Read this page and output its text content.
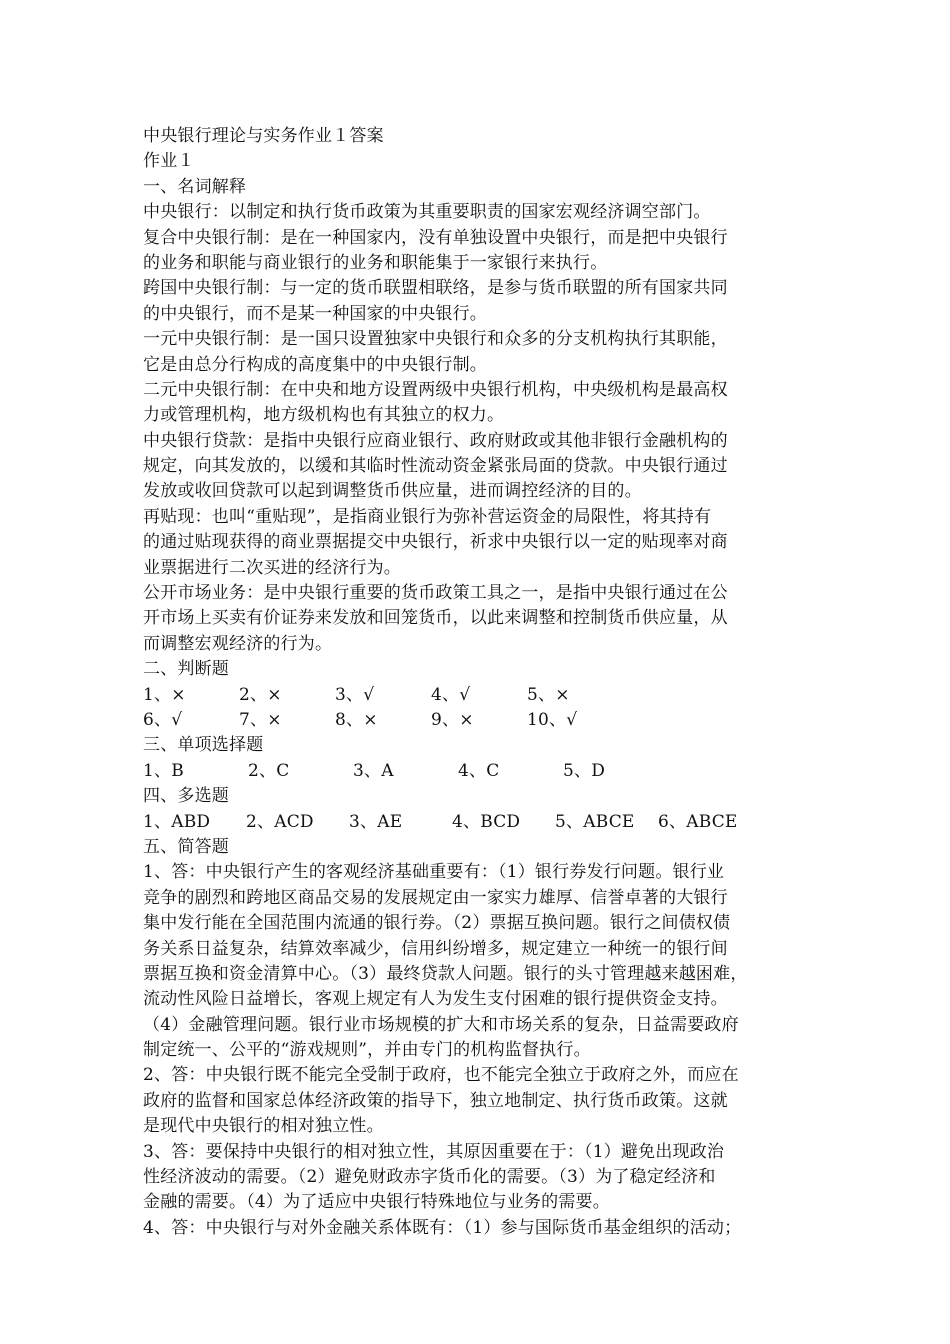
中央银行理论与实务作业１答案
作业１
一、名词解释
中央银行：以制定和执行货币政策为其重要职责的国家宏观经济调空部门。
复合中央银行制：是在一种国家内，没有单独设置中央银行，而是把中央银行
的业务和职能与商业银行的业务和职能集于一家银行来执行。
跨国中央银行制：与一定的货币联盟相联络，是参与货币联盟的所有国家共同
的中央银行，而不是某一种国家的中央银行。
一元中央银行制：是一国只设置独家中央银行和众多的分支机构执行其职能，
它是由总分行构成的高度集中的中央银行制。
二元中央银行制：在中央和地方设置两级中央银行机构，中央级机构是最高权
力或管理机构，地方级机构也有其独立的权力。
中央银行贷款：是指中央银行应商业银行、政府财政或其他非银行金融机构的
规定，向其发放的，以缓和其临时性流动资金紧张局面的贷款。中央银行通过
发放或收回贷款可以起到调整货币供应量，进而调控经济的目的。
再贴现：也叫“重贴现”，是指商业银行为弥补营运资金的局限性，将其持有
的通过贴现获得的商业票据提交中央银行，祈求中央银行以一定的贴现率对商
业票据进行二次买进的经济行为。
公开市场业务：是中央银行重要的货币政策工具之一，是指中央银行通过在公
开市场上买卖有价证券来发放和回笼货币，以此来调整和控制货币供应量，从
而调整宏观经济的行为。
二、判断题
1、×	2、×	3、√	4、√	5、×
6、√	7、×	8、×	9、×	10、√
三、单项选择题
1、B	2、C	3、A	4、C	5、D
四、多选题
1、ABD	2、ACD	3、AE	4、BCD	5、ABCE	6、ABCE
五、简答题
1、答：中央银行产生的客观经济基础重要有：（1）银行券发行问题。银行业
竞争的剧烈和跨地区商品交易的发展规定由一家实力雄厚、信誉卓著的大银行
集中发行能在全国范围内流通的银行券。（2）票据互换问题。银行之间债权债
务关系日益复杂，结算效率减少，信用纠纷增多，规定建立一种统一的银行间
票据互换和资金清算中心。（3）最终贷款人问题。银行的头寸管理越来越困难，
流动性风险日益增长，客观上规定有人为发生支付困难的银行提供资金支持。
（4）金融管理问题。银行业市场规模的扩大和市场关系的复杂，日益需要政府
制定统一、公平的“游戏规则”，并由专门的机构监督执行。
2、答：中央银行既不能完全受制于政府，也不能完全独立于政府之外，而应在
政府的监督和国家总体经济政策的指导下，独立地制定、执行货币政策。这就
是现代中央银行的相对独立性。
3、答：要保持中央银行的相对独立性，其原因重要在于：（1）避免出现政治
性经济波动的需要。（2）避免财政赤字货币化的需要。（3）为了稳定经济和
金融的需要。（4）为了适应中央银行特殊地位与业务的需要。
4、答：中央银行与对外金融关系体既有：（1）参与国际货币基金组织的活动；
